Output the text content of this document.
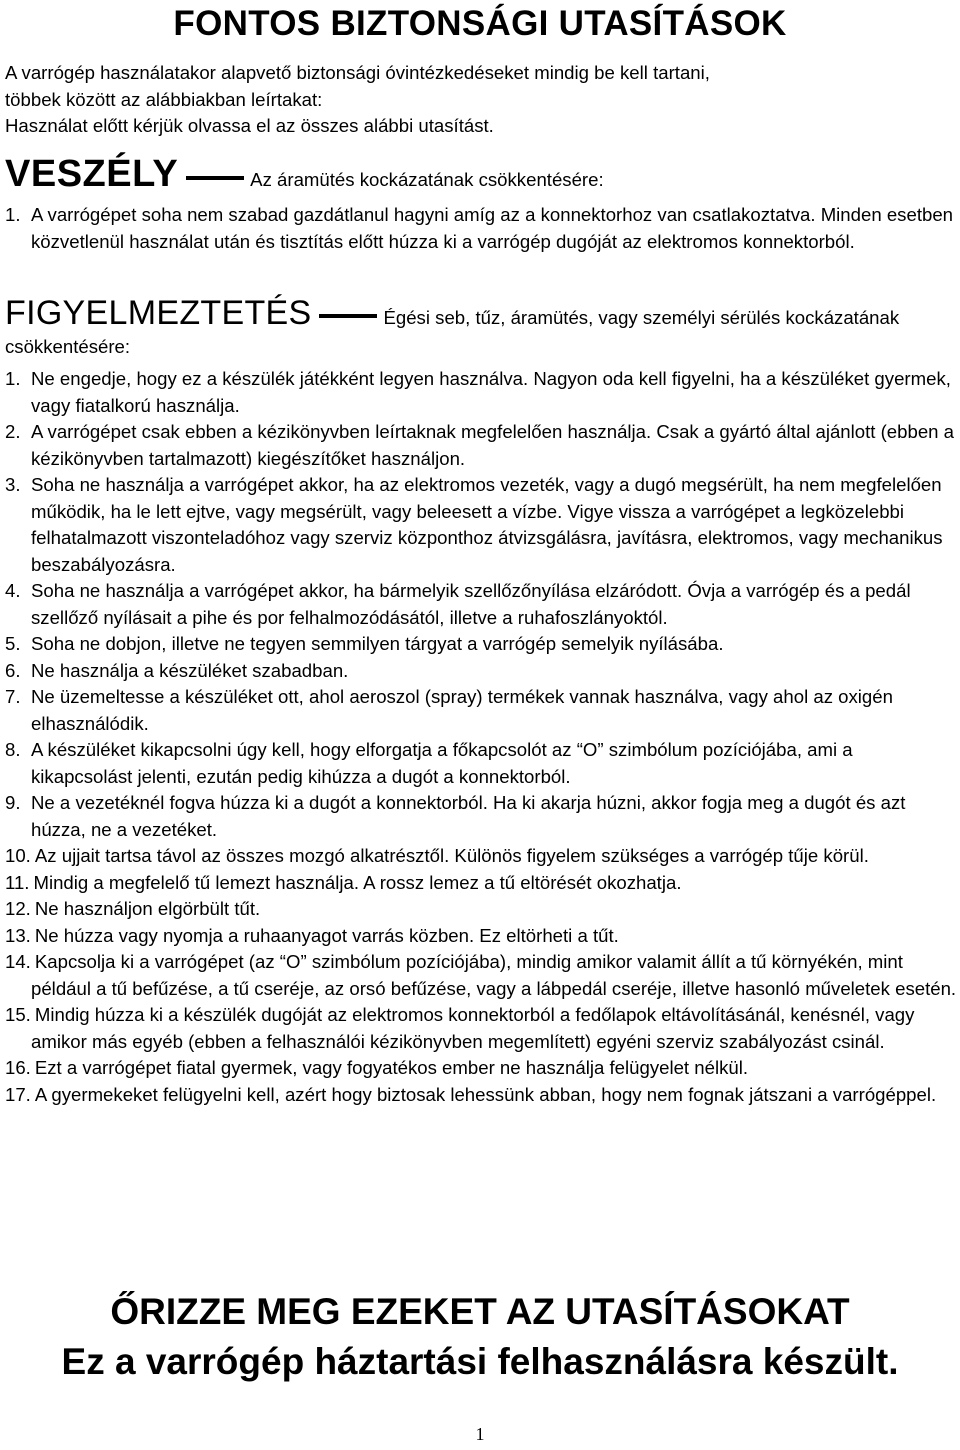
FONTOS BIZTONSÁGI UTASÍTÁSOK

A varrógép használatakor alapvető biztonsági óvintézkedéseket mindig be kell tartani,

többek között az alábbiakban leírtakat:

Használat előtt kérjük olvassa el az összes alábbi utasítást.

VESZÉLY	Az áramütés kockázatának csökkentésére:
1. A varrógépet soha nem szabad gazdátlanul hagyni amíg az a konnektorhoz van csatlakoztatva. Minden esetben közvetlenül használat után és tisztítás előtt húzza ki a varrógép dugóját az elektromos konnektorból.
FIGYELMEZTETÉS	Égési seb, tűz, áramütés, vagy személyi sérülés kockázatának csökkentésére:
1. Ne engedje, hogy ez a készülék játékként legyen használva. Nagyon oda kell figyelni, ha a készüléket gyermek, vagy fiatalkorú használja.
2. A varrógépet csak ebben a kézikönyvben leírtaknak megfelelően használja. Csak a gyártó által ajánlott (ebben a kézikönyvben tartalmazott) kiegészítőket használjon.
3. Soha ne használja a varrógépet akkor, ha az elektromos vezeték, vagy a dugó megsérült, ha nem megfelelően működik, ha le lett ejtve, vagy megsérült, vagy beleesett a vízbe. Vigye vissza a varrógépet a legközelebbi felhatalmazott viszonteladóhoz vagy szerviz központhoz átvizsgálásra, javításra, elektromos, vagy mechanikus beszabályozásra.
4. Soha ne használja a varrógépet akkor, ha bármelyik szellőzőnyílása elzáródott. Óvja a varrógép és a pedál szellőző nyílásait a pihe és por felhalmozódásától, illetve a ruhafoszlányoktól.
5. Soha ne dobjon, illetve ne tegyen semmilyen tárgyat a varrógép semelyik nyílásába.
6. Ne használja a készüléket szabadban.
7. Ne üzemeltesse a készüléket ott, ahol aeroszol (spray) termékek vannak használva, vagy ahol az oxigén elhasználódik.
8. A készüléket kikapcsolni úgy kell, hogy elforgatja a főkapcsolót az “O” szimbólum pozíciójába, ami a kikapcsolást jelenti, ezután pedig kihúzza a dugót a konnektorból.
9. Ne a vezetéknél fogva húzza ki a dugót a konnektorból. Ha ki akarja húzni, akkor fogja meg a dugót és azt húzza, ne a vezetéket.
10. Az ujjait tartsa távol az összes mozgó alkatrésztől. Különös figyelem szükséges a varrógép tűje körül.
11. Mindig a megfelelő tű lemezt használja. A rossz lemez a tű eltörését okozhatja.
12. Ne használjon elgörbült tűt.
13. Ne húzza vagy nyomja a ruhaanyagot varrás közben. Ez eltörheti a tűt.
14. Kapcsolja ki a varrógépet (az “O” szimbólum pozíciójába), mindig amikor valamit állít a tű környékén, mint például a tű befűzése, a tű cseréje, az orsó befűzése, vagy a lábpedál cseréje, illetve hasonló műveletek esetén.
15. Mindig húzza ki a készülék dugóját az elektromos konnektorból a fedőlapok eltávolításánál, kenésnél, vagy amikor más egyéb (ebben a felhasználói kézikönyvben megemlített) egyéni szerviz szabályozást csinál.
16. Ezt a varrógépet fiatal gyermek, vagy fogyatékos ember ne használja felügyelet nélkül.
17. A gyermekeket felügyelni kell, azért hogy biztosak lehessünk abban, hogy nem fognak játszani a varrógéppel.

ŐRIZZE MEG EZEKET AZ UTASÍTÁSOKAT

Ez a varrógép háztartási felhasználásra készült.

1
